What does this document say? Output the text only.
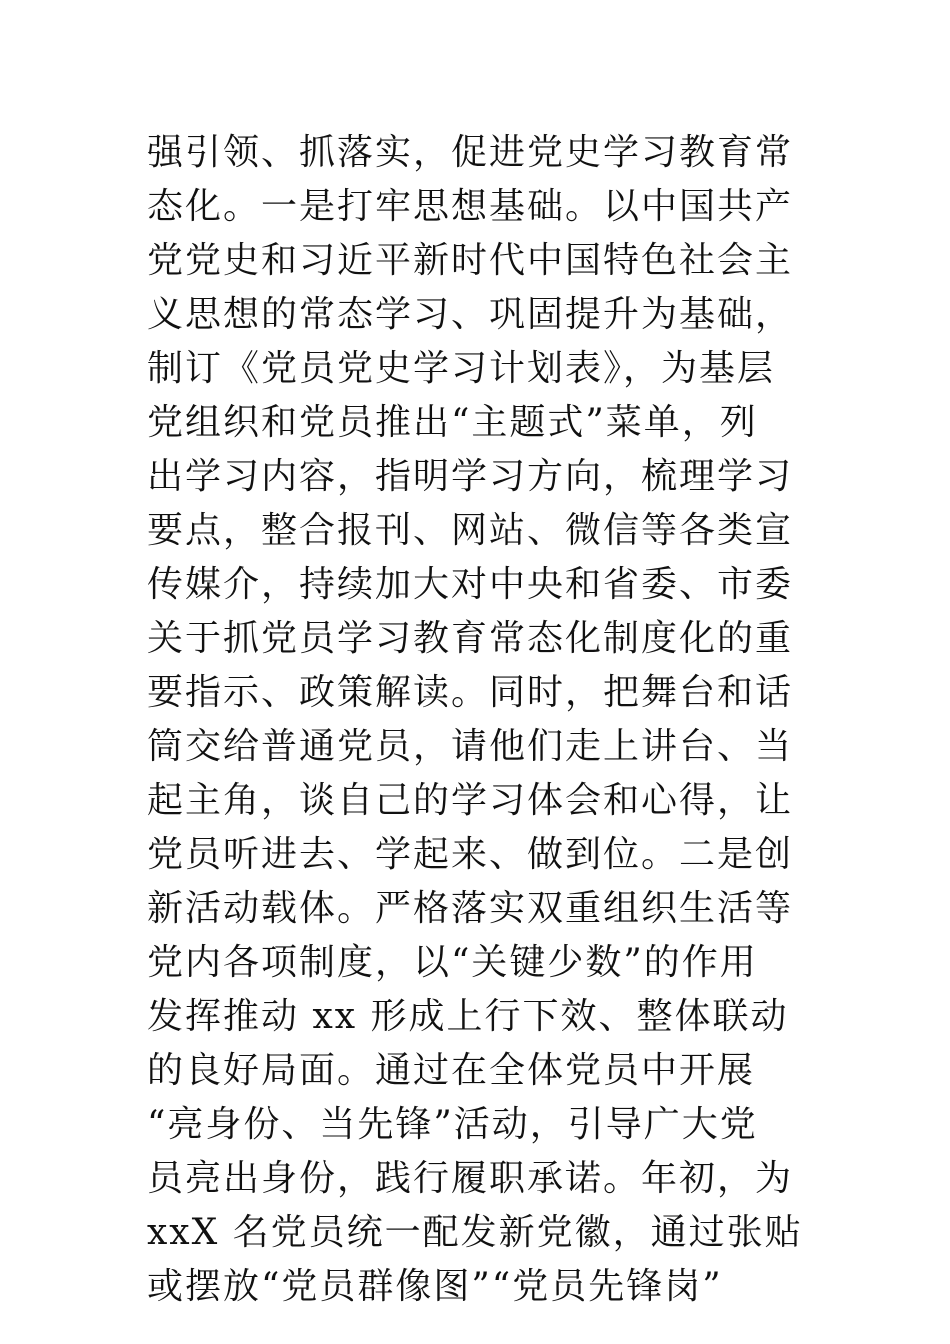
强引领、抓落实，促进党史学习教育常
态化。一是打牢思想基础。以中国共产
党党史和习近平新时代中国特色社会主
义思想的常态学习、巩固提升为基础，
制订《党员党史学习计划表》，为基层
党组织和党员推出“主题式”菜单，列
出学习内容，指明学习方向，梳理学习
要点，整合报刊、网站、微信等各类宣
传媒介，持续加大对中央和省委、市委
关于抓党员学习教育常态化制度化的重
要指示、政策解读。同时，把舞台和话
筒交给普通党员，请他们走上讲台、当
起主角，谈自己的学习体会和心得，让
党员听进去、学起来、做到位。二是创
新活动载体。严格落实双重组织生活等
党内各项制度，以“关键少数”的作用
发挥推动 xx 形成上行下效、整体联动
的良好局面。通过在全体党员中开展
“亮身份、当先锋”活动，引导广大党
员亮出身份，践行履职承诺。年初，为
xxX 名党员统一配发新党徽，通过张贴
或摆放“党员群像图”“党员先锋岗”
